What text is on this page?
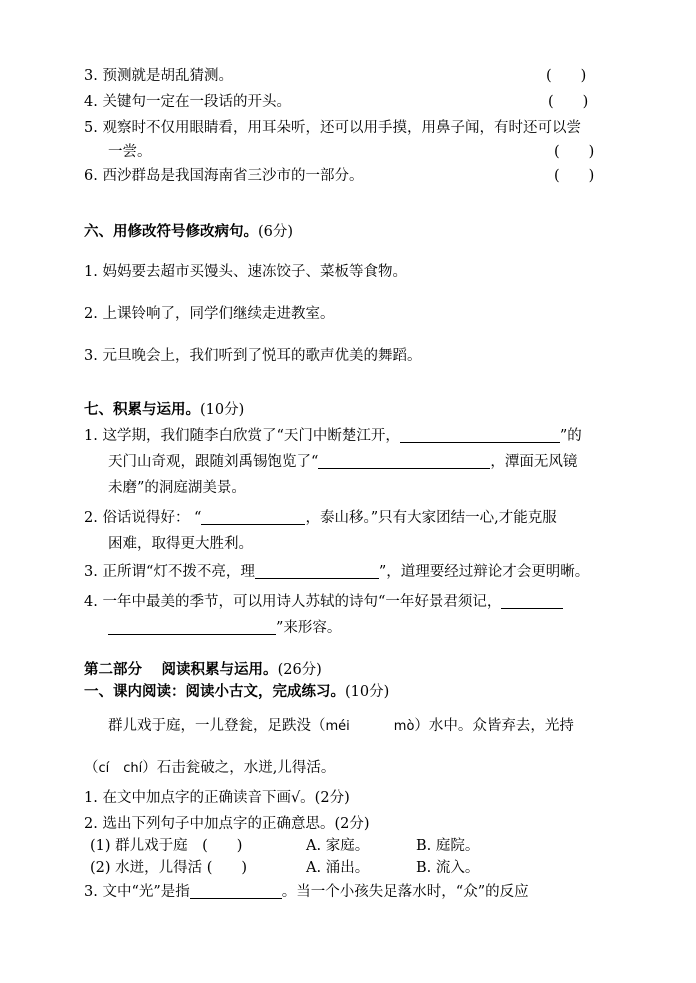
3. 预测就是胡乱猜测。	(　　)
4. 关键句一定在一段话的开头。	(　　)
5. 观察时不仅用眼睛看，用耳朵听，还可以用手摸，用鼻子闻，有时还可以尝
一尝。	(　　)
6. 西沙群岛是我国海南省三沙市的一部分。	(　　)
六、用修改符号修改病句。(6分)
1. 妈妈要去超市买馒头、速冻饺子、菜板等食物。
2. 上课铃响了，同学们继续走进教室。
3. 元旦晚会上，我们听到了悦耳的歌声优美的舞蹈。
七、积累与运用。(10分)
1. 这学期，我们随李白欣赏了“天门中断楚江开，	”的
天门山奇观，跟随刘禹锡饱览了“	，潭面无风镜
未磨”的洞庭湖美景。
2. 俗话说得好： “	，泰山移。”只有大家团结一心,才能克服
困难，取得更大胜利。
3. 正所谓“灯不拨不亮，理	”，道理要经过辩论才会更明晰。
4. 一年中最美的季节，可以用诗人苏轼的诗句“一年好景君须记，
”来形容。
第二部分　 阅读积累与运用。(26分)
一、课内阅读：阅读小古文，完成练习。(10分)
群儿戏于庭，一儿登瓮，足跌没（méi	mò）水中。众皆弃去，光持
（cí chí）石击瓮破之，水迸,儿得活。
1. 在文中加点字的正确读音下画√。(2分)
2. 选出下列句子中加点字的正确意思。(2分)
(1) 群儿戏于庭　(　　)	A. 家庭。	B. 庭院。
(2) 水迸，儿得活 (　　)	A. 涌出。	B. 流入。
3. 文中“光”是指	。当一个小孩失足落水时，“众”的反应
